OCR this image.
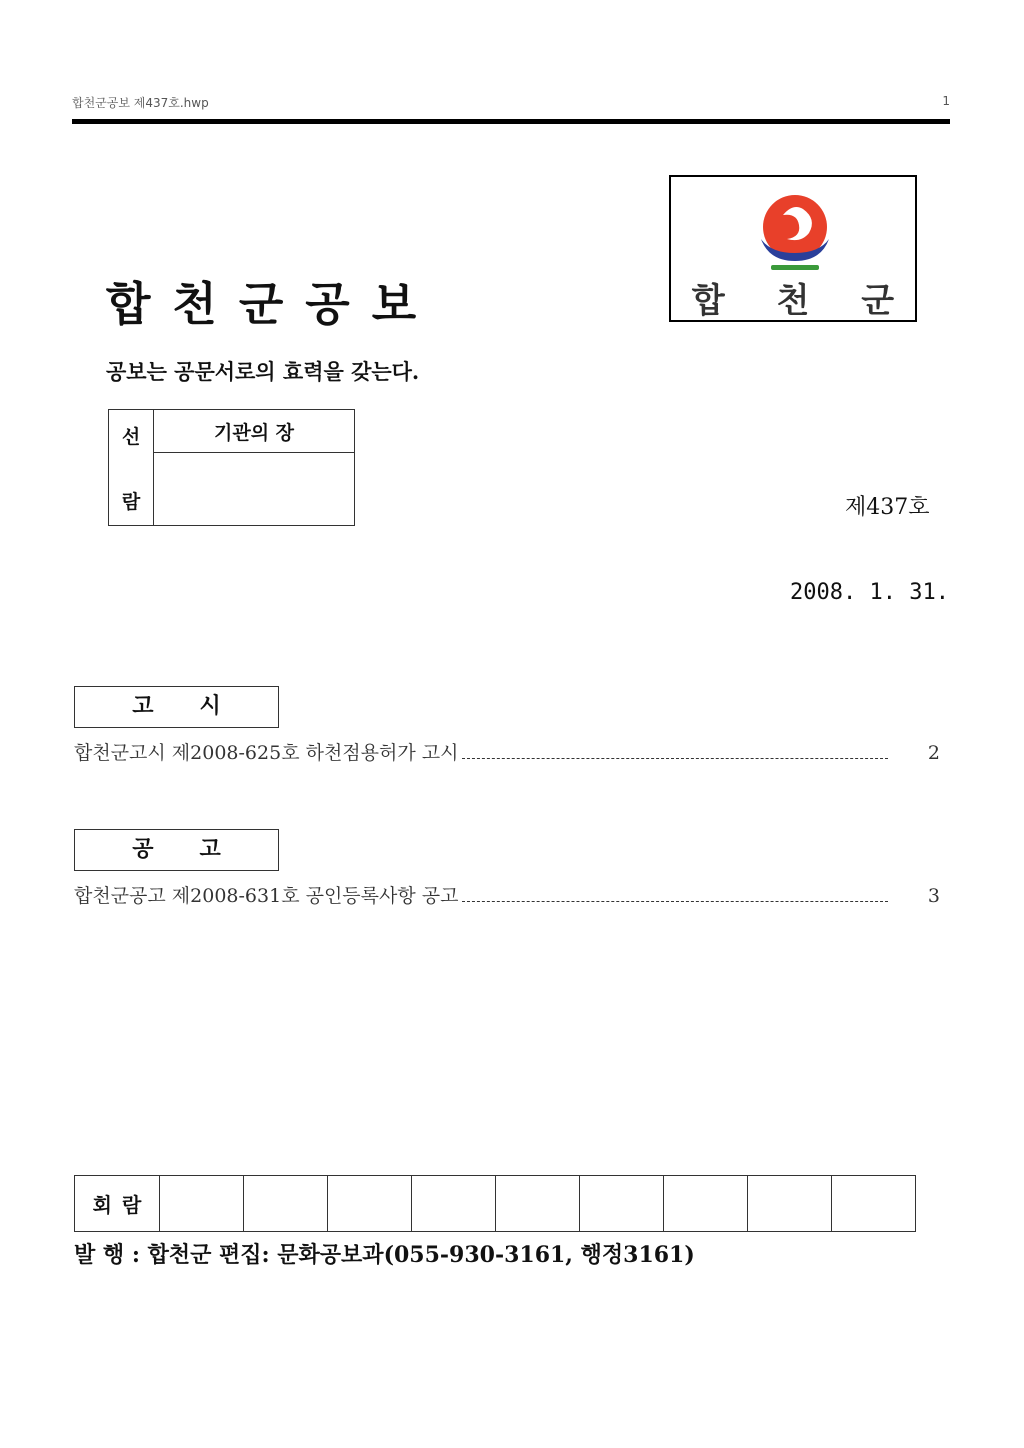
합천군공보 제437호.hwp	1
합천군공보	합 천 군
공보는 공문서로의 효력을 갖는다.
선
람
	기관의 장

제437호
2008. 1. 31.
고시
합천군고시 제2008-625호 하천점용허가 고시	2
공고
합천군공고 제2008-631호 공인등록사항 공고	3
회람									
발 행 : 합천군 편집: 문화공보과(055-930-3161, 행정3161)
